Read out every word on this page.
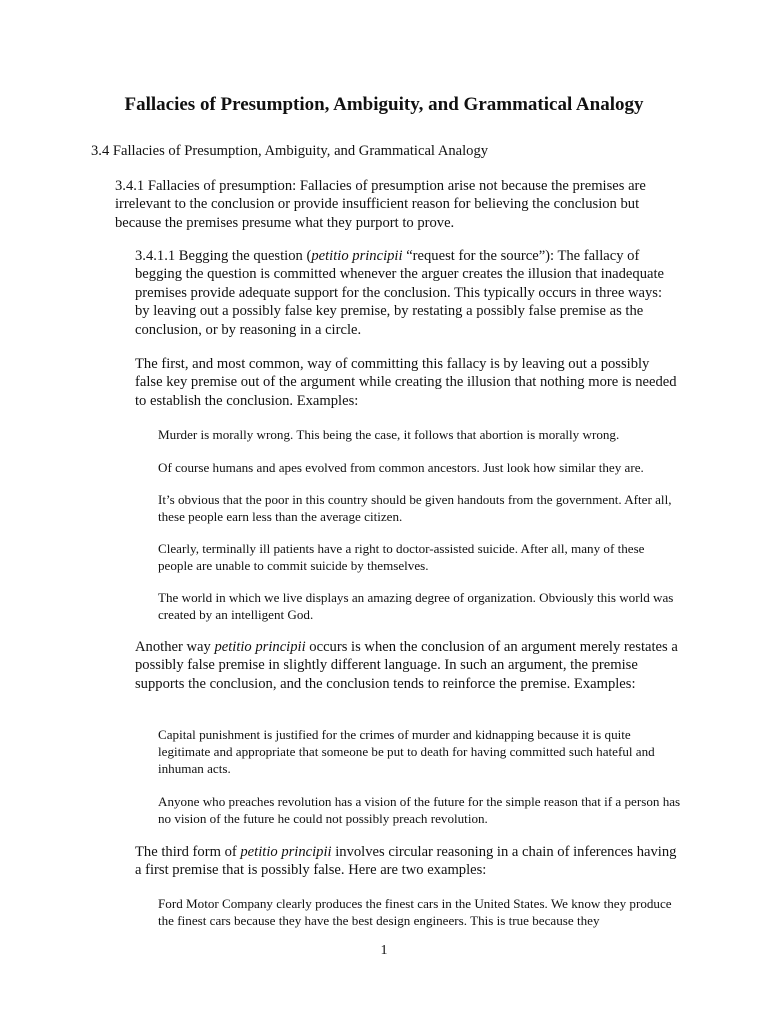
Fallacies of Presumption, Ambiguity, and Grammatical Analogy

3.4 Fallacies of Presumption, Ambiguity, and Grammatical Analogy

3.4.1 Fallacies of presumption: Fallacies of presumption arise not because the premises are irrelevant to the conclusion or provide insufficient reason for believing the conclusion but because the premises presume what they purport to prove.

3.4.1.1 Begging the question (petitio principii “request for the source”): The fallacy of begging the question is committed whenever the arguer creates the illusion that inadequate premises provide adequate support for the conclusion. This typically occurs in three ways: by leaving out a possibly false key premise, by restating a possibly false premise as the conclusion, or by reasoning in a circle.

The first, and most common, way of committing this fallacy is by leaving out a possibly false key premise out of the argument while creating the illusion that nothing more is needed to establish the conclusion. Examples:

Murder is morally wrong. This being the case, it follows that abortion is morally wrong.

Of course humans and apes evolved from common ancestors. Just look how similar they are.

It’s obvious that the poor in this country should be given handouts from the government. After all, these people earn less than the average citizen.

Clearly, terminally ill patients have a right to doctor-assisted suicide. After all, many of these people are unable to commit suicide by themselves.

The world in which we live displays an amazing degree of organization. Obviously this world was created by an intelligent God.

Another way petitio principii occurs is when the conclusion of an argument merely restates a possibly false premise in slightly different language. In such an argument, the premise supports the conclusion, and the conclusion tends to reinforce the premise. Examples:

Capital punishment is justified for the crimes of murder and kidnapping because it is quite legitimate and appropriate that someone be put to death for having committed such hateful and inhuman acts.

Anyone who preaches revolution has a vision of the future for the simple reason that if a person has no vision of the future he could not possibly preach revolution.

The third form of petitio principii involves circular reasoning in a chain of inferences having a first premise that is possibly false. Here are two examples:

Ford Motor Company clearly produces the finest cars in the United States. We know they produce the finest cars because they have the best design engineers. This is true because they

1
